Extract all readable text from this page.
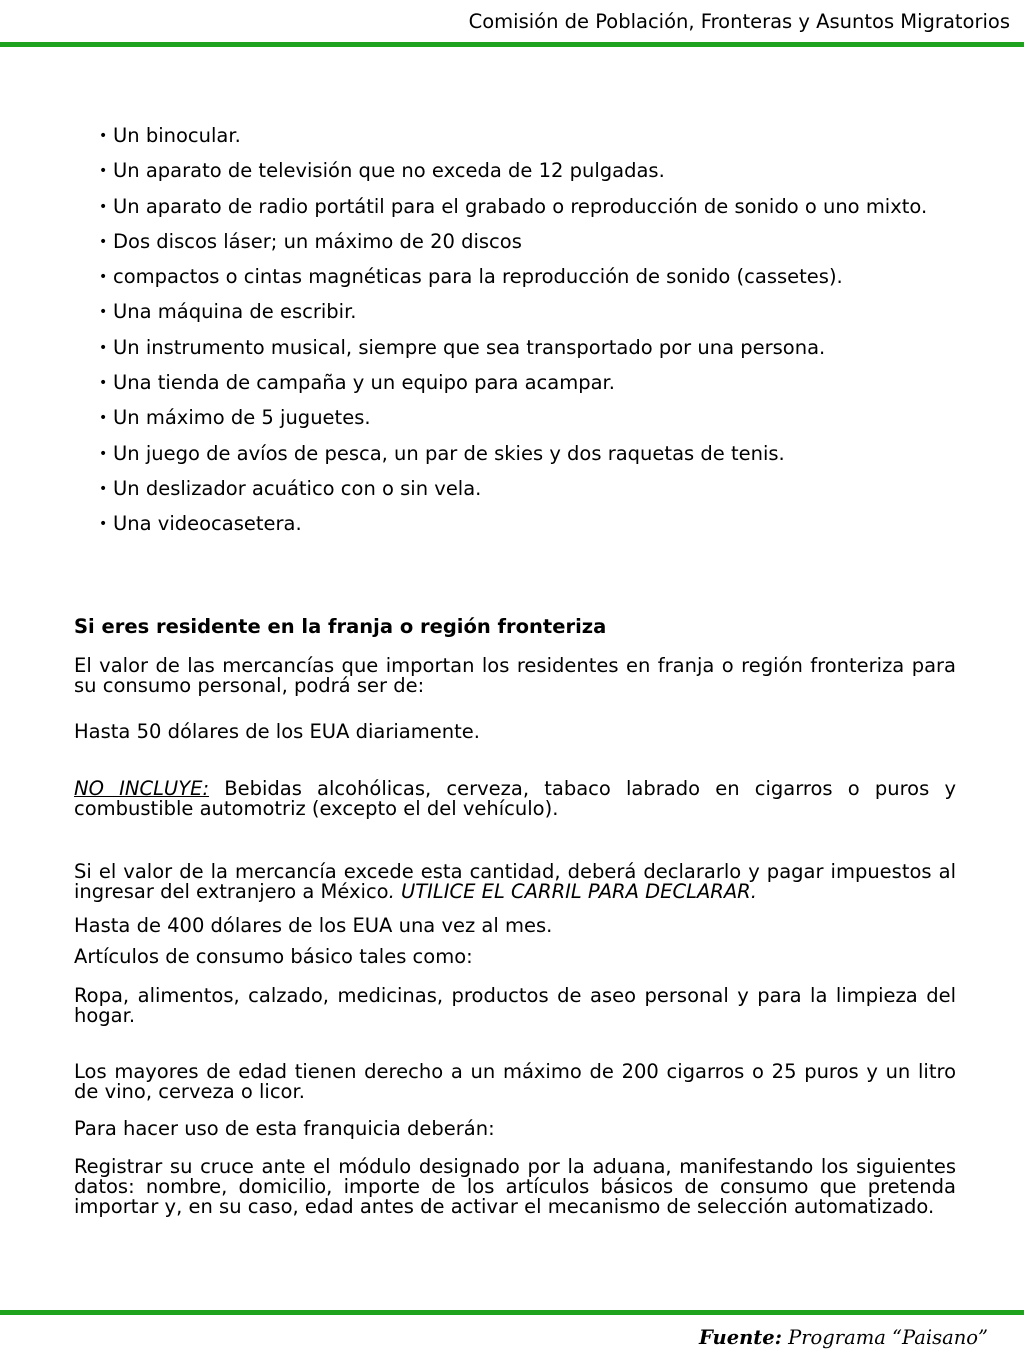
Comisión de Población, Fronteras y Asuntos Migratorios
• Un binocular.
• Un aparato de televisión que no exceda de 12 pulgadas.
• Un aparato de radio portátil para el grabado o reproducción de sonido o uno mixto.
• Dos discos láser; un máximo de 20 discos
• compactos o cintas magnéticas para la reproducción de sonido (cassetes).
• Una máquina de escribir.
• Un instrumento musical, siempre que sea transportado por una persona.
• Una tienda de campaña y un equipo para acampar.
• Un máximo de 5 juguetes.
• Un juego de avíos de pesca, un par de skies y dos raquetas de tenis.
• Un deslizador acuático con o sin vela.
• Una videocasetera.
Si eres residente en la franja o región fronteriza
El valor de las mercancías que importan los residentes en franja o región fronteriza para su consumo personal, podrá ser de:
Hasta 50 dólares de los EUA diariamente.
NO INCLUYE: Bebidas alcohólicas, cerveza, tabaco labrado en cigarros o puros y combustible automotriz (excepto el del vehículo).
Si el valor de la mercancía excede esta cantidad, deberá declararlo y pagar impuestos al ingresar del extranjero a México. UTILICE EL CARRIL PARA DECLARAR.
Hasta de 400 dólares de los EUA una vez al mes.
Artículos de consumo básico tales como:
Ropa, alimentos, calzado, medicinas, productos de aseo personal y para la limpieza del hogar.
Los mayores de edad tienen derecho a un máximo de 200 cigarros o 25 puros y un litro de vino, cerveza o licor.
Para hacer uso de esta franquicia deberán:
Registrar su cruce ante el módulo designado por la aduana, manifestando los siguientes datos: nombre, domicilio, importe de los artículos básicos de consumo que pretenda importar y, en su caso, edad antes de activar el mecanismo de selección automatizado.
Fuente: Programa “Paisano”
